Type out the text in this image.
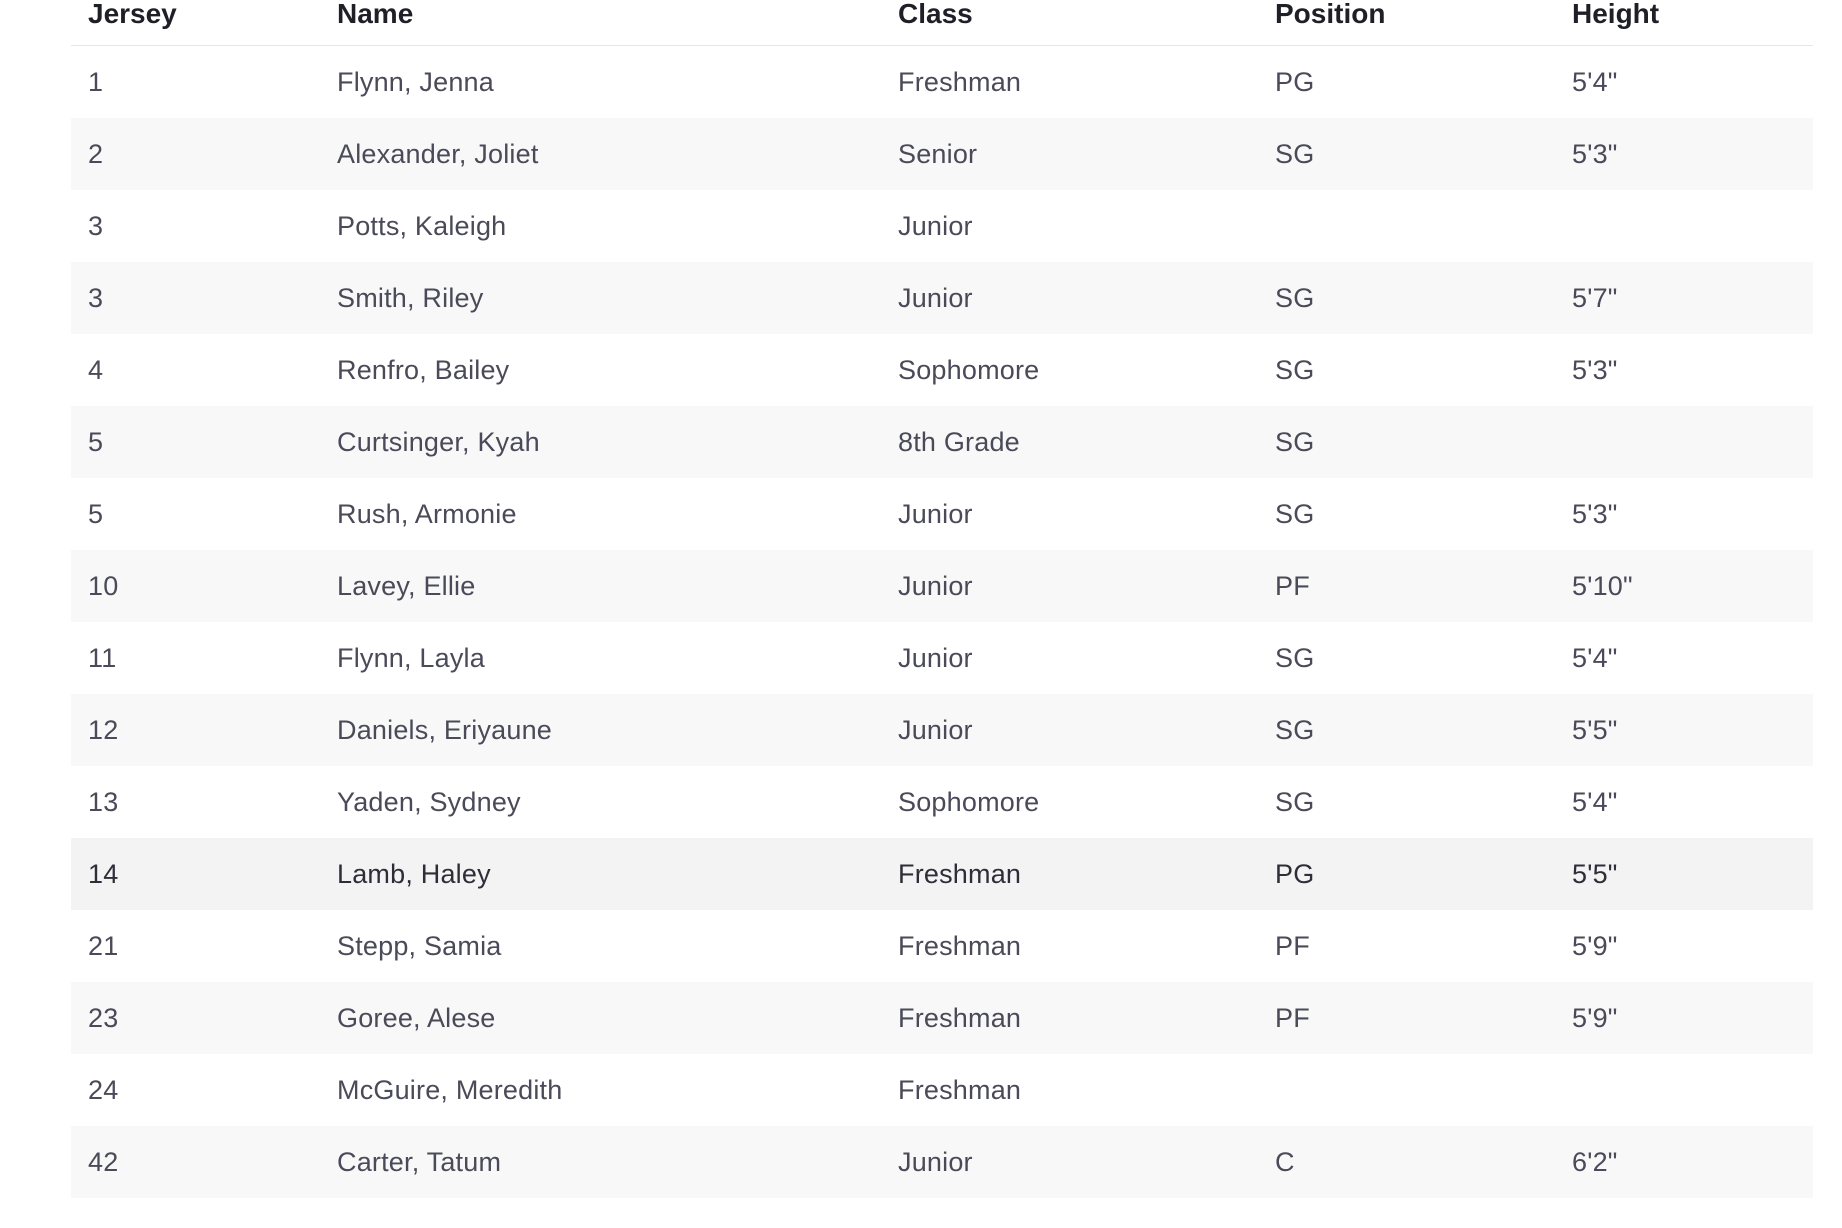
Jersey	Name	Class	Position	Height
1	Flynn, Jenna	Freshman	PG	5'4"
2	Alexander, Joliet	Senior	SG	5'3"
3	Potts, Kaleigh	Junior		
3	Smith, Riley	Junior	SG	5'7"
4	Renfro, Bailey	Sophomore	SG	5'3"
5	Curtsinger, Kyah	8th Grade	SG	
5	Rush, Armonie	Junior	SG	5'3"
10	Lavey, Ellie	Junior	PF	5'10"
11	Flynn, Layla	Junior	SG	5'4"
12	Daniels, Eriyaune	Junior	SG	5'5"
13	Yaden, Sydney	Sophomore	SG	5'4"
14	Lamb, Haley	Freshman	PG	5'5"
21	Stepp, Samia	Freshman	PF	5'9"
23	Goree, Alese	Freshman	PF	5'9"
24	McGuire, Meredith	Freshman		
42	Carter, Tatum	Junior	C	6'2"
